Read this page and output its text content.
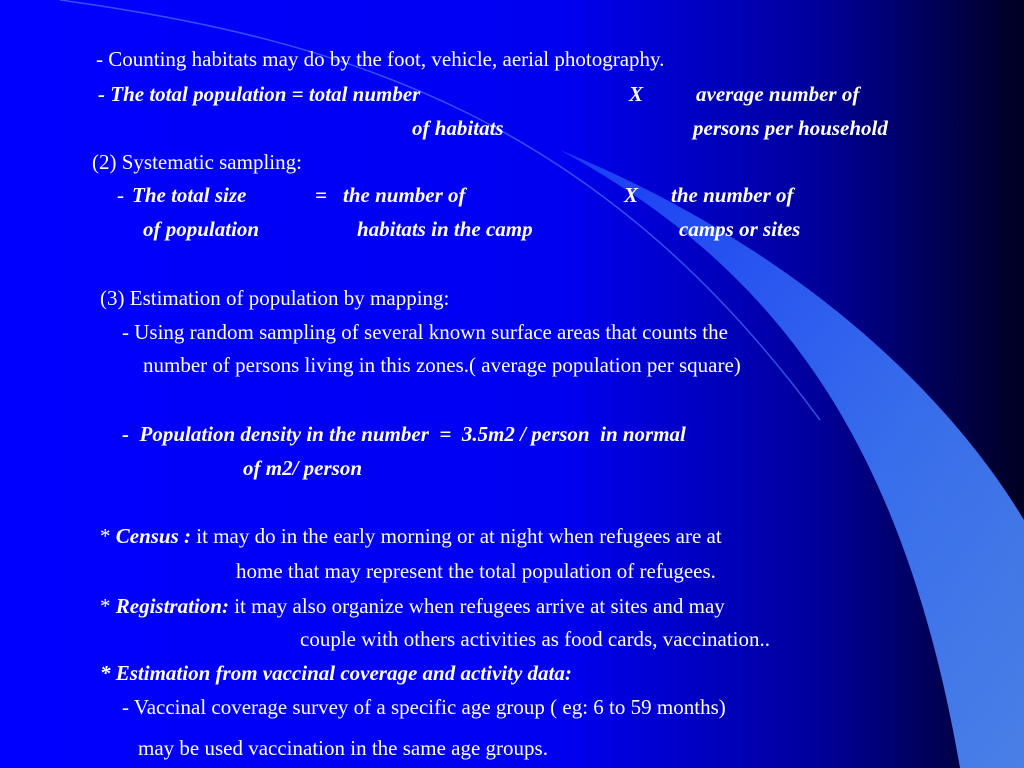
- Counting habitats may do by the foot, vehicle, aerial photography.
- The total population = total number	X	average number of
of habitats	persons per household
(2) Systematic sampling:
- The total size	= the number of	X the number of
of population	habitats in the camp	camps or sites
(3) Estimation of population by mapping:
- Using random sampling of several known surface areas that counts the
number of persons living in this zones.( average population per square)
-  Population density in the number  =  3.5m2 / person  in normal
of m2/ person
* Census : it may do in the early morning or at night when refugees are at
home that may represent the total population of refugees.
* Registration: it may also organize when refugees arrive at sites and may
couple with others activities as food cards, vaccination..
* Estimation from vaccinal coverage and activity data:
- Vaccinal coverage survey of a specific age group ( eg: 6 to 59 months)
may be used vaccination in the same age groups.
